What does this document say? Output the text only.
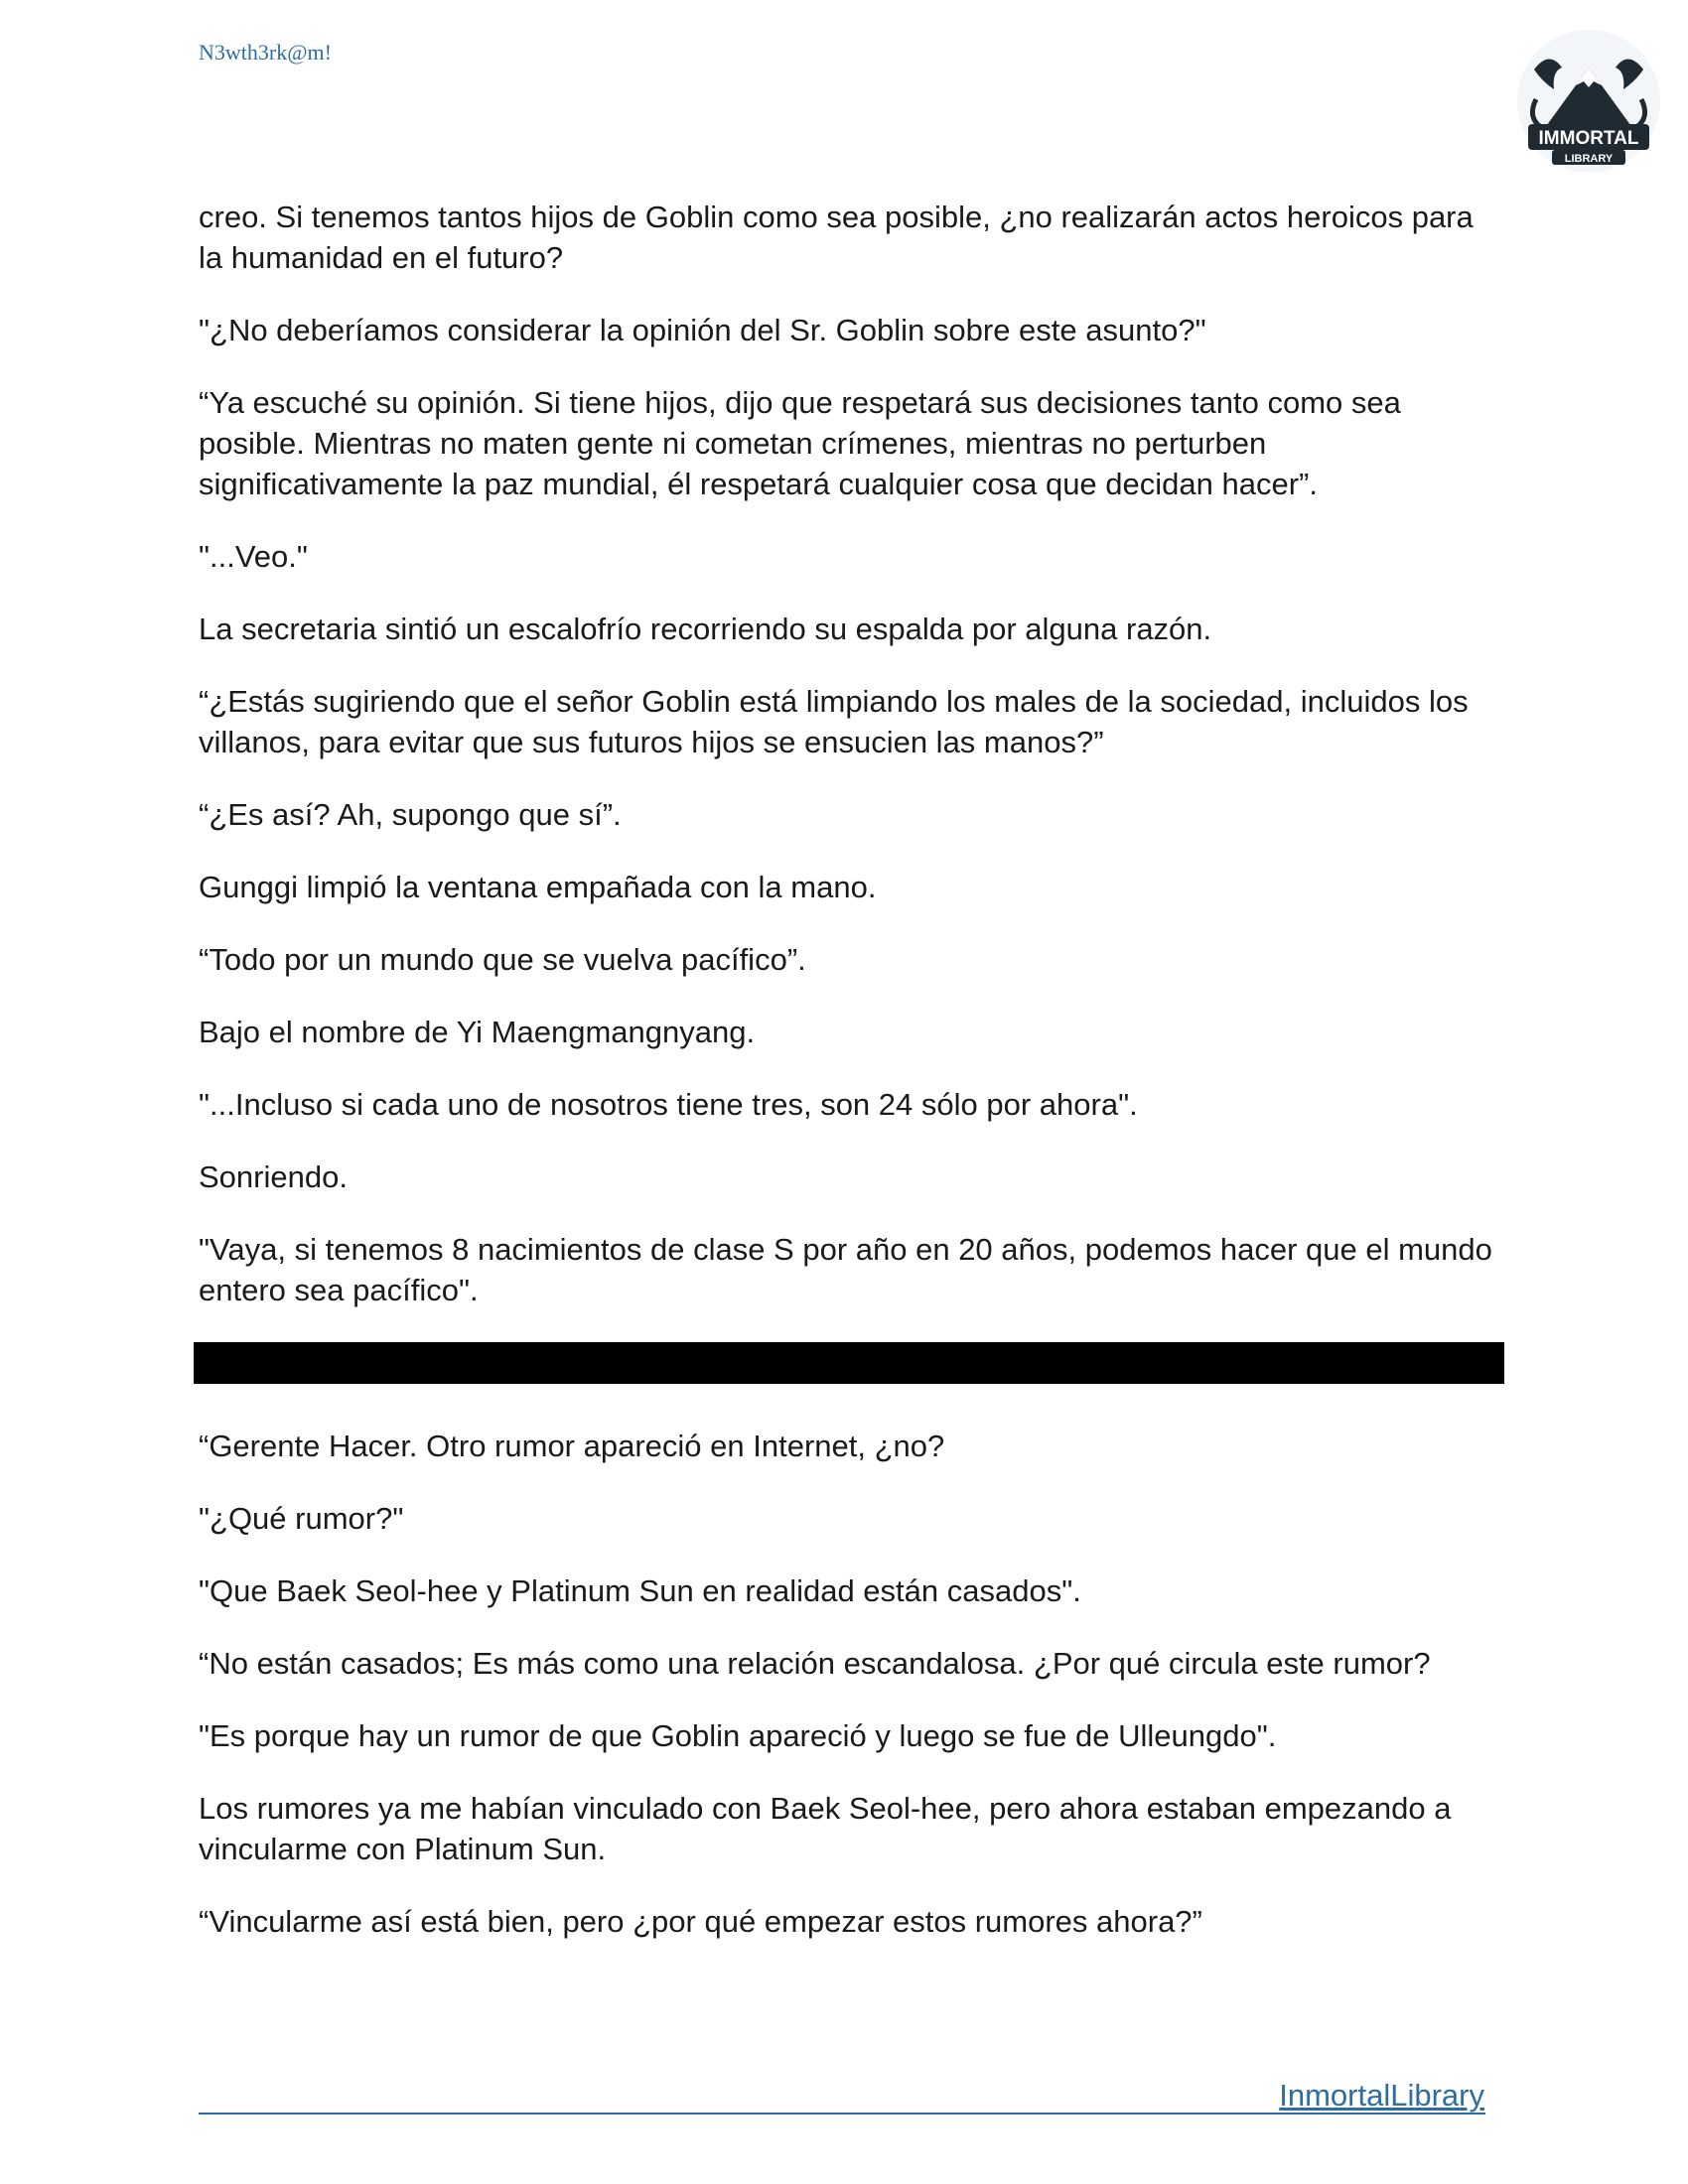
N3wth3rk@m!
IMMORTAL
LIBRARY

creo. Si tenemos tantos hijos de Goblin como sea posible, ¿no realizarán actos heroicos para la humanidad en el futuro?

"¿No deberíamos considerar la opinión del Sr. Goblin sobre este asunto?"

“Ya escuché su opinión. Si tiene hijos, dijo que respetará sus decisiones tanto como sea posible. Mientras no maten gente ni cometan crímenes, mientras no perturben significativamente la paz mundial, él respetará cualquier cosa que decidan hacer”.

"...Veo."

La secretaria sintió un escalofrío recorriendo su espalda por alguna razón.

“¿Estás sugiriendo que el señor Goblin está limpiando los males de la sociedad, incluidos los villanos, para evitar que sus futuros hijos se ensucien las manos?”

“¿Es así? Ah, supongo que sí”.

Gunggi limpió la ventana empañada con la mano.

“Todo por un mundo que se vuelva pacífico”.

Bajo el nombre de Yi Maengmangnyang.

"...Incluso si cada uno de nosotros tiene tres, son 24 sólo por ahora".

Sonriendo.

"Vaya, si tenemos 8 nacimientos de clase S por año en 20 años, podemos hacer que el mundo entero sea pacífico".

“Gerente Hacer. Otro rumor apareció en Internet, ¿no?

"¿Qué rumor?"

"Que Baek Seol-hee y Platinum Sun en realidad están casados".

“No están casados; Es más como una relación escandalosa. ¿Por qué circula este rumor?

"Es porque hay un rumor de que Goblin apareció y luego se fue de Ulleungdo".

Los rumores ya me habían vinculado con Baek Seol-hee, pero ahora estaban empezando a vincularme con Platinum Sun.

“Vincularme así está bien, pero ¿por qué empezar estos rumores ahora?”

InmortalLibrary
